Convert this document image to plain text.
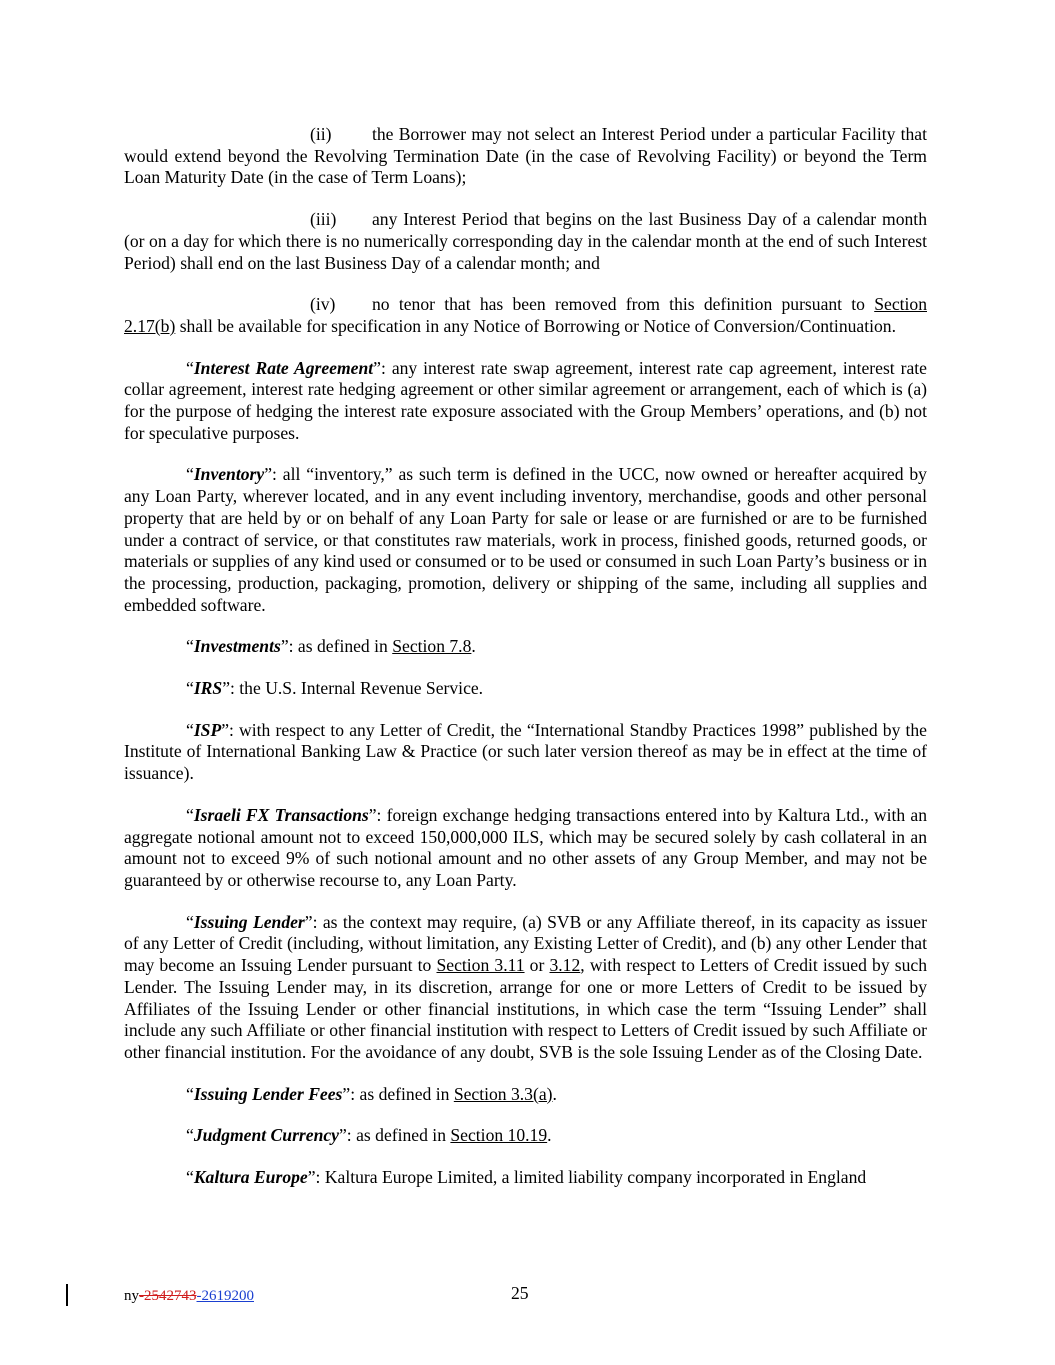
(ii) the Borrower may not select an Interest Period under a particular Facility that would extend beyond the Revolving Termination Date (in the case of Revolving Facility) or beyond the Term Loan Maturity Date (in the case of Term Loans);

(iii) any Interest Period that begins on the last Business Day of a calendar month (or on a day for which there is no numerically corresponding day in the calendar month at the end of such Interest Period) shall end on the last Business Day of a calendar month; and

(iv) no tenor that has been removed from this definition pursuant to Section 2.17(b) shall be available for specification in any Notice of Borrowing or Notice of Conversion/Continuation.

“Interest Rate Agreement”: any interest rate swap agreement, interest rate cap agreement, interest rate collar agreement, interest rate hedging agreement or other similar agreement or arrangement, each of which is (a) for the purpose of hedging the interest rate exposure associated with the Group Members’ operations, and (b) not for speculative purposes.

“Inventory”: all “inventory,” as such term is defined in the UCC, now owned or hereafter acquired by any Loan Party, wherever located, and in any event including inventory, merchandise, goods and other personal property that are held by or on behalf of any Loan Party for sale or lease or are furnished or are to be furnished under a contract of service, or that constitutes raw materials, work in process, finished goods, returned goods, or materials or supplies of any kind used or consumed or to be used or consumed in such Loan Party’s business or in the processing, production, packaging, promotion, delivery or shipping of the same, including all supplies and embedded software.

“Investments”: as defined in Section 7.8.

“IRS”: the U.S. Internal Revenue Service.

“ISP”: with respect to any Letter of Credit, the “International Standby Practices 1998” published by the Institute of International Banking Law & Practice (or such later version thereof as may be in effect at the time of issuance).

“Israeli FX Transactions”: foreign exchange hedging transactions entered into by Kaltura Ltd., with an aggregate notional amount not to exceed 150,000,000 ILS, which may be secured solely by cash collateral in an amount not to exceed 9% of such notional amount and no other assets of any Group Member, and may not be guaranteed by or otherwise recourse to, any Loan Party.

“Issuing Lender”: as the context may require, (a) SVB or any Affiliate thereof, in its capacity as issuer of any Letter of Credit (including, without limitation, any Existing Letter of Credit), and (b) any other Lender that may become an Issuing Lender pursuant to Section 3.11 or 3.12, with respect to Letters of Credit issued by such Lender. The Issuing Lender may, in its discretion, arrange for one or more Letters of Credit to be issued by Affiliates of the Issuing Lender or other financial institutions, in which case the term “Issuing Lender” shall include any such Affiliate or other financial institution with respect to Letters of Credit issued by such Affiliate or other financial institution. For the avoidance of any doubt, SVB is the sole Issuing Lender as of the Closing Date.

“Issuing Lender Fees”: as defined in Section 3.3(a).

“Judgment Currency”: as defined in Section 10.19.

“Kaltura Europe”: Kaltura Europe Limited, a limited liability company incorporated in England

ny-2542743-2619200	25
